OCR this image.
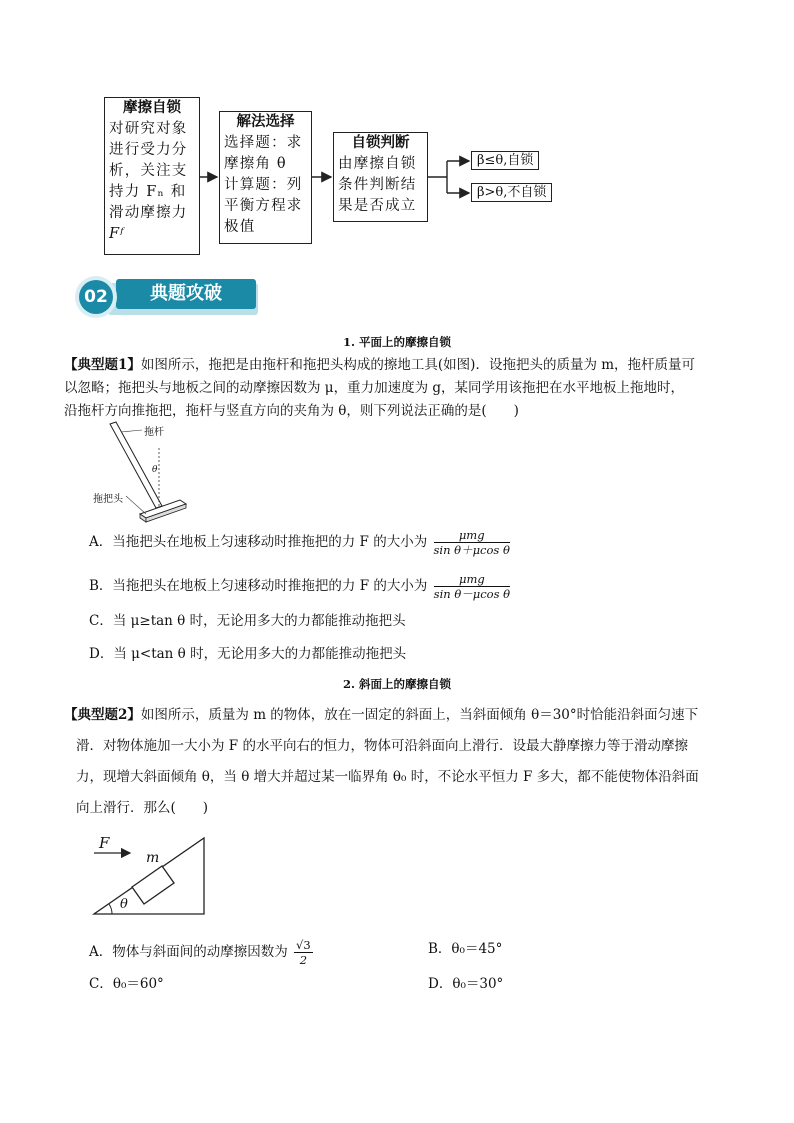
摩擦自锁
对研究对象
进行受力分
析，关注支
持力 Fₙ 和
滑动摩擦力
Fᶠ
解法选择
选择题：求
摩擦角 θ
计算题：列
平衡方程求
极值
自锁判断
由摩擦自锁
条件判断结
果是否成立
β≤θ,自锁
β>θ,不自锁
02	典题攻破
1. 平面上的摩擦自锁
【典型题1】如图所示，拖把是由拖杆和拖把头构成的擦地工具(如图)．设拖把头的质量为 m，拖杆质量可
以忽略；拖把头与地板之间的动摩擦因数为 μ，重力加速度为 g，某同学用该拖把在水平地板上拖地时，
沿拖杆方向推拖把，拖杆与竖直方向的夹角为 θ，则下列说法正确的是(　　)
拖杆
θ
拖把头
A．当拖把头在地板上匀速移动时推拖把的力 F 的大小为 $\frac{\text{μmg}}{\text{sin θ＋μcos θ}}$
B．当拖把头在地板上匀速移动时推拖把的力 F 的大小为 $\frac{\text{μmg}}{\text{sin θ－μcos θ}}$
C．当 μ≥tan θ 时，无论用多大的力都能推动拖把头
D．当 μ<tan θ 时，无论用多大的力都能推动拖把头
2. 斜面上的摩擦自锁
【典型题2】如图所示，质量为 m 的物体，放在一固定的斜面上，当斜面倾角 θ＝30°时恰能沿斜面匀速下
滑．对物体施加一大小为 F 的水平向右的恒力，物体可沿斜面向上滑行．设最大静摩擦力等于滑动摩擦
力，现增大斜面倾角 θ，当 θ 增大并超过某一临界角 θ₀ 时，不论水平恒力 F 多大，都不能使物体沿斜面
向上滑行．那么(　　)
F
m
θ
A．物体与斜面间的动摩擦因数为 $\frac{√3}{2}$	B．θ₀＝45°
C．θ₀＝60°	D．θ₀＝30°
